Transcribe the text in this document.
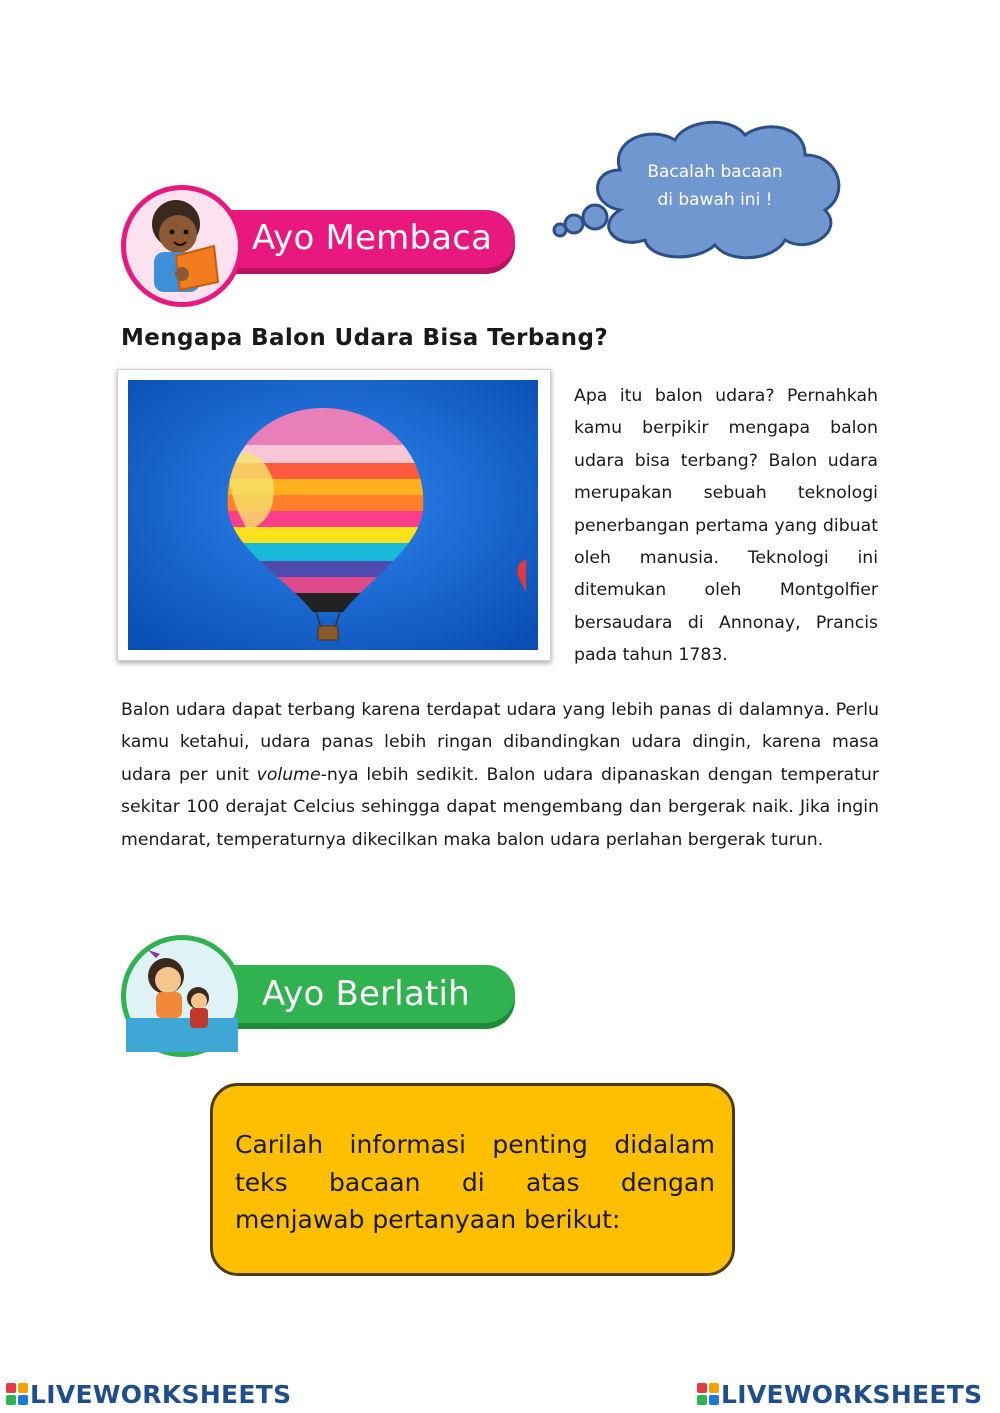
Bacalah bacaan
di bawah ini !
Ayo Membaca
Mengapa Balon Udara Bisa Terbang?
Apa itu balon udara? Pernahkah kamu berpikir mengapa balon udara bisa terbang? Balon udara merupakan sebuah teknologi penerbangan pertama yang dibuat oleh manusia. Teknologi ini ditemukan oleh Montgolfier bersaudara di Annonay, Prancis pada tahun 1783.
Balon udara dapat terbang karena terdapat udara yang lebih panas di dalamnya. Perlu kamu ketahui, udara panas lebih ringan dibandingkan udara dingin, karena masa udara per unit volume-nya lebih sedikit. Balon udara dipanaskan dengan temperatur sekitar 100 derajat Celcius sehingga dapat mengembang dan bergerak naik. Jika ingin mendarat, temperaturnya dikecilkan maka balon udara perlahan bergerak turun.
Ayo Berlatih
Carilah informasi penting didalam teks bacaan di atas dengan menjawab pertanyaan berikut:
LIVEWORKSHEETS	LIVEWORKSHEETS
